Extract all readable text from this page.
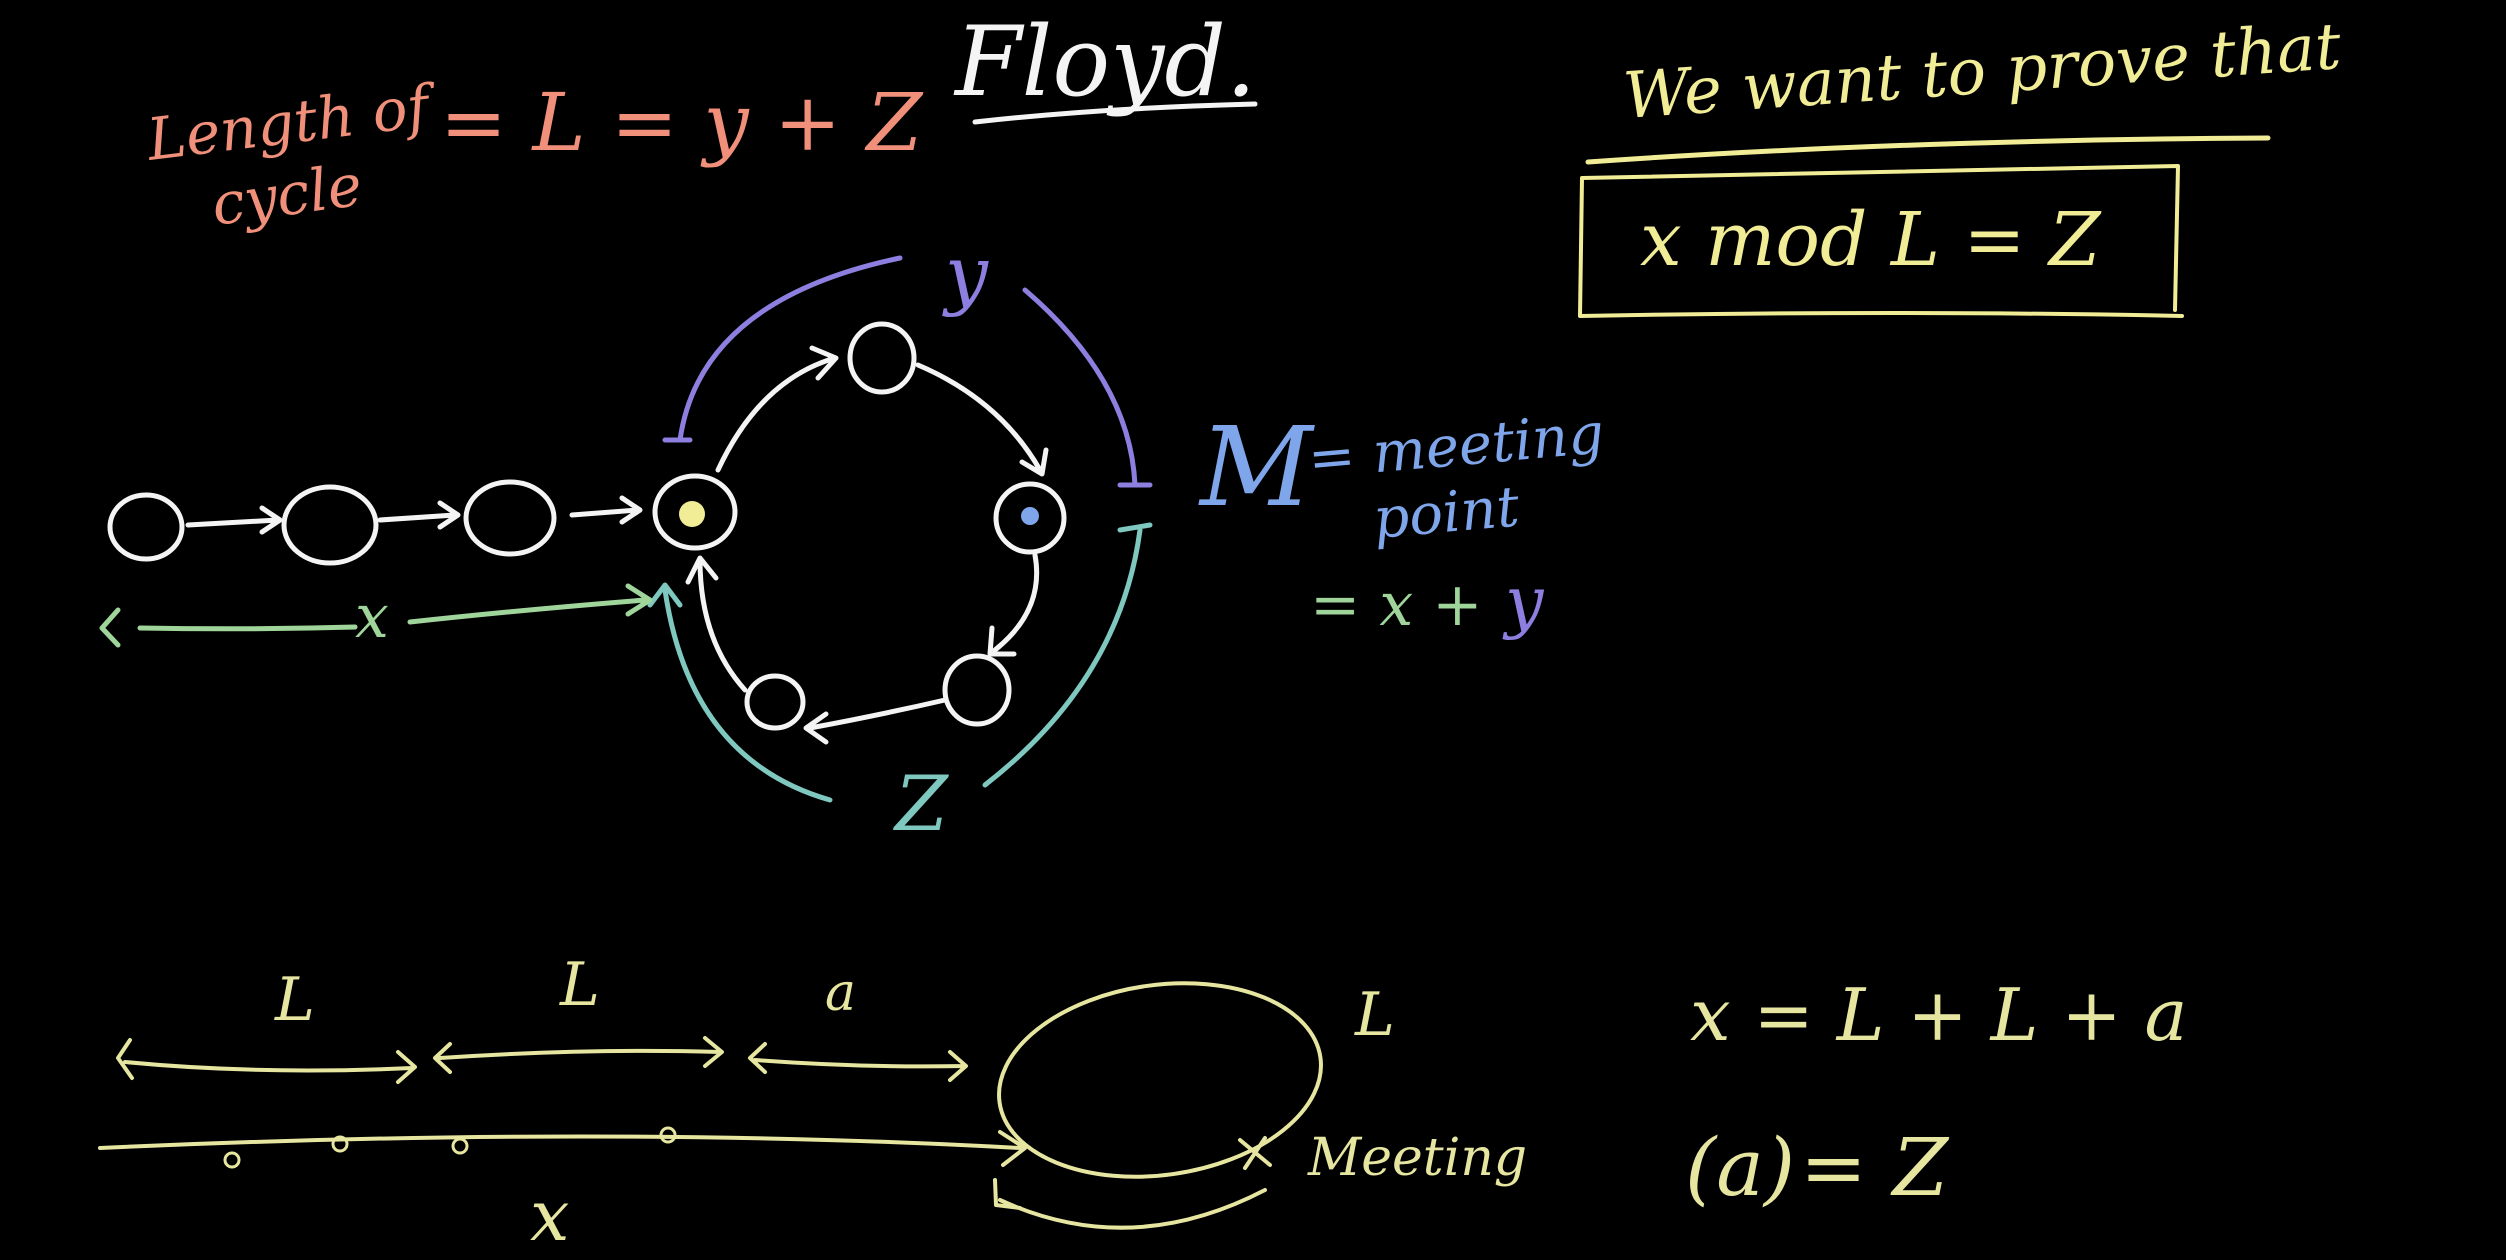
Floyd.
Length of
cycle
= L = y + Z	We want to prove that
x mod L = Z
y
Z
x
M
= meeting
point
= x + y
L	L	a
x
L
Meeting
x = L + L + a
(a) = Z
